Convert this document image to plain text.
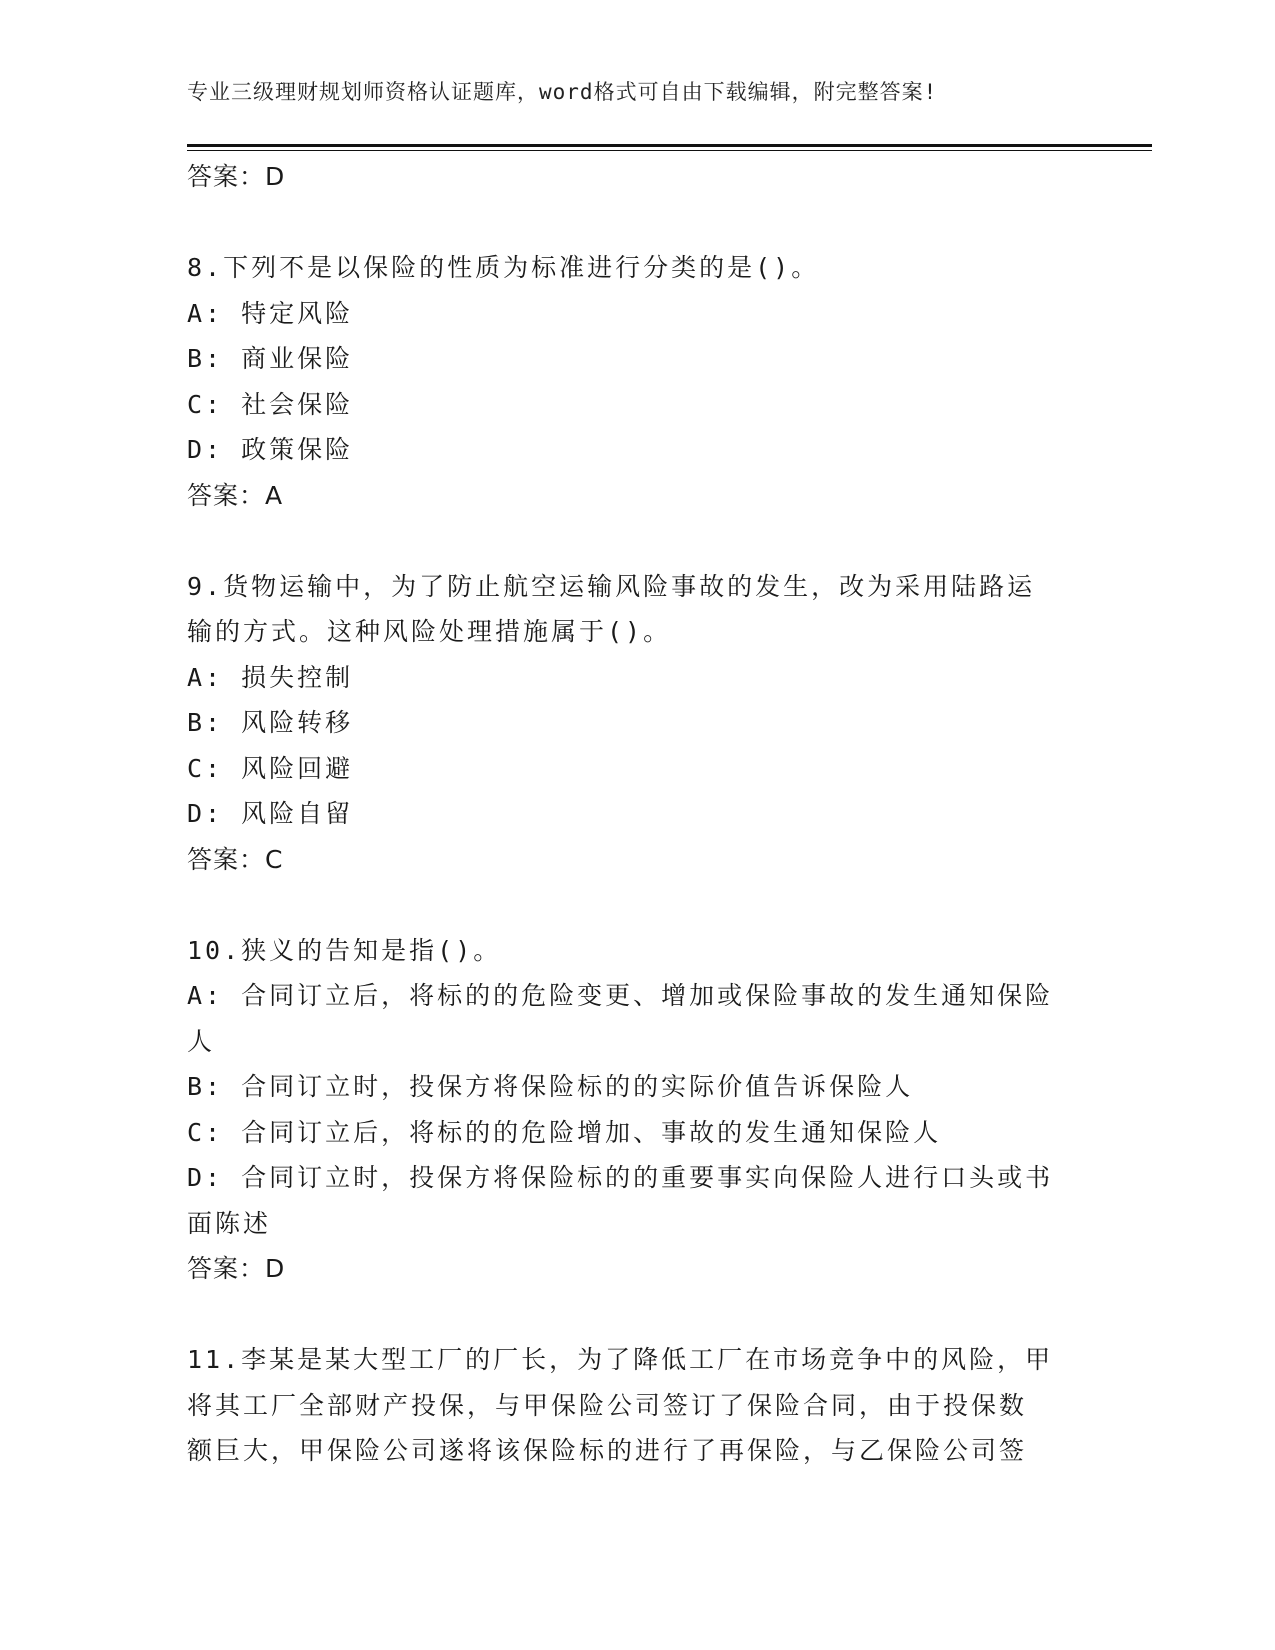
专业三级理财规划师资格认证题库，word格式可自由下载编辑，附完整答案!
答案：D
8.下列不是以保险的性质为标准进行分类的是()。
A: 特定风险
B: 商业保险
C: 社会保险
D: 政策保险
答案：A
9.货物运输中，为了防止航空运输风险事故的发生，改为采用陆路运
输的方式。这种风险处理措施属于()。
A: 损失控制
B: 风险转移
C: 风险回避
D: 风险自留
答案：C
10.狭义的告知是指()。
A: 合同订立后，将标的的危险变更、增加或保险事故的发生通知保险
人
B: 合同订立时，投保方将保险标的的实际价值告诉保险人
C: 合同订立后，将标的的危险增加、事故的发生通知保险人
D: 合同订立时，投保方将保险标的的重要事实向保险人进行口头或书
面陈述
答案：D
11.李某是某大型工厂的厂长，为了降低工厂在市场竞争中的风险，甲
将其工厂全部财产投保，与甲保险公司签订了保险合同，由于投保数
额巨大，甲保险公司遂将该保险标的进行了再保险，与乙保险公司签
